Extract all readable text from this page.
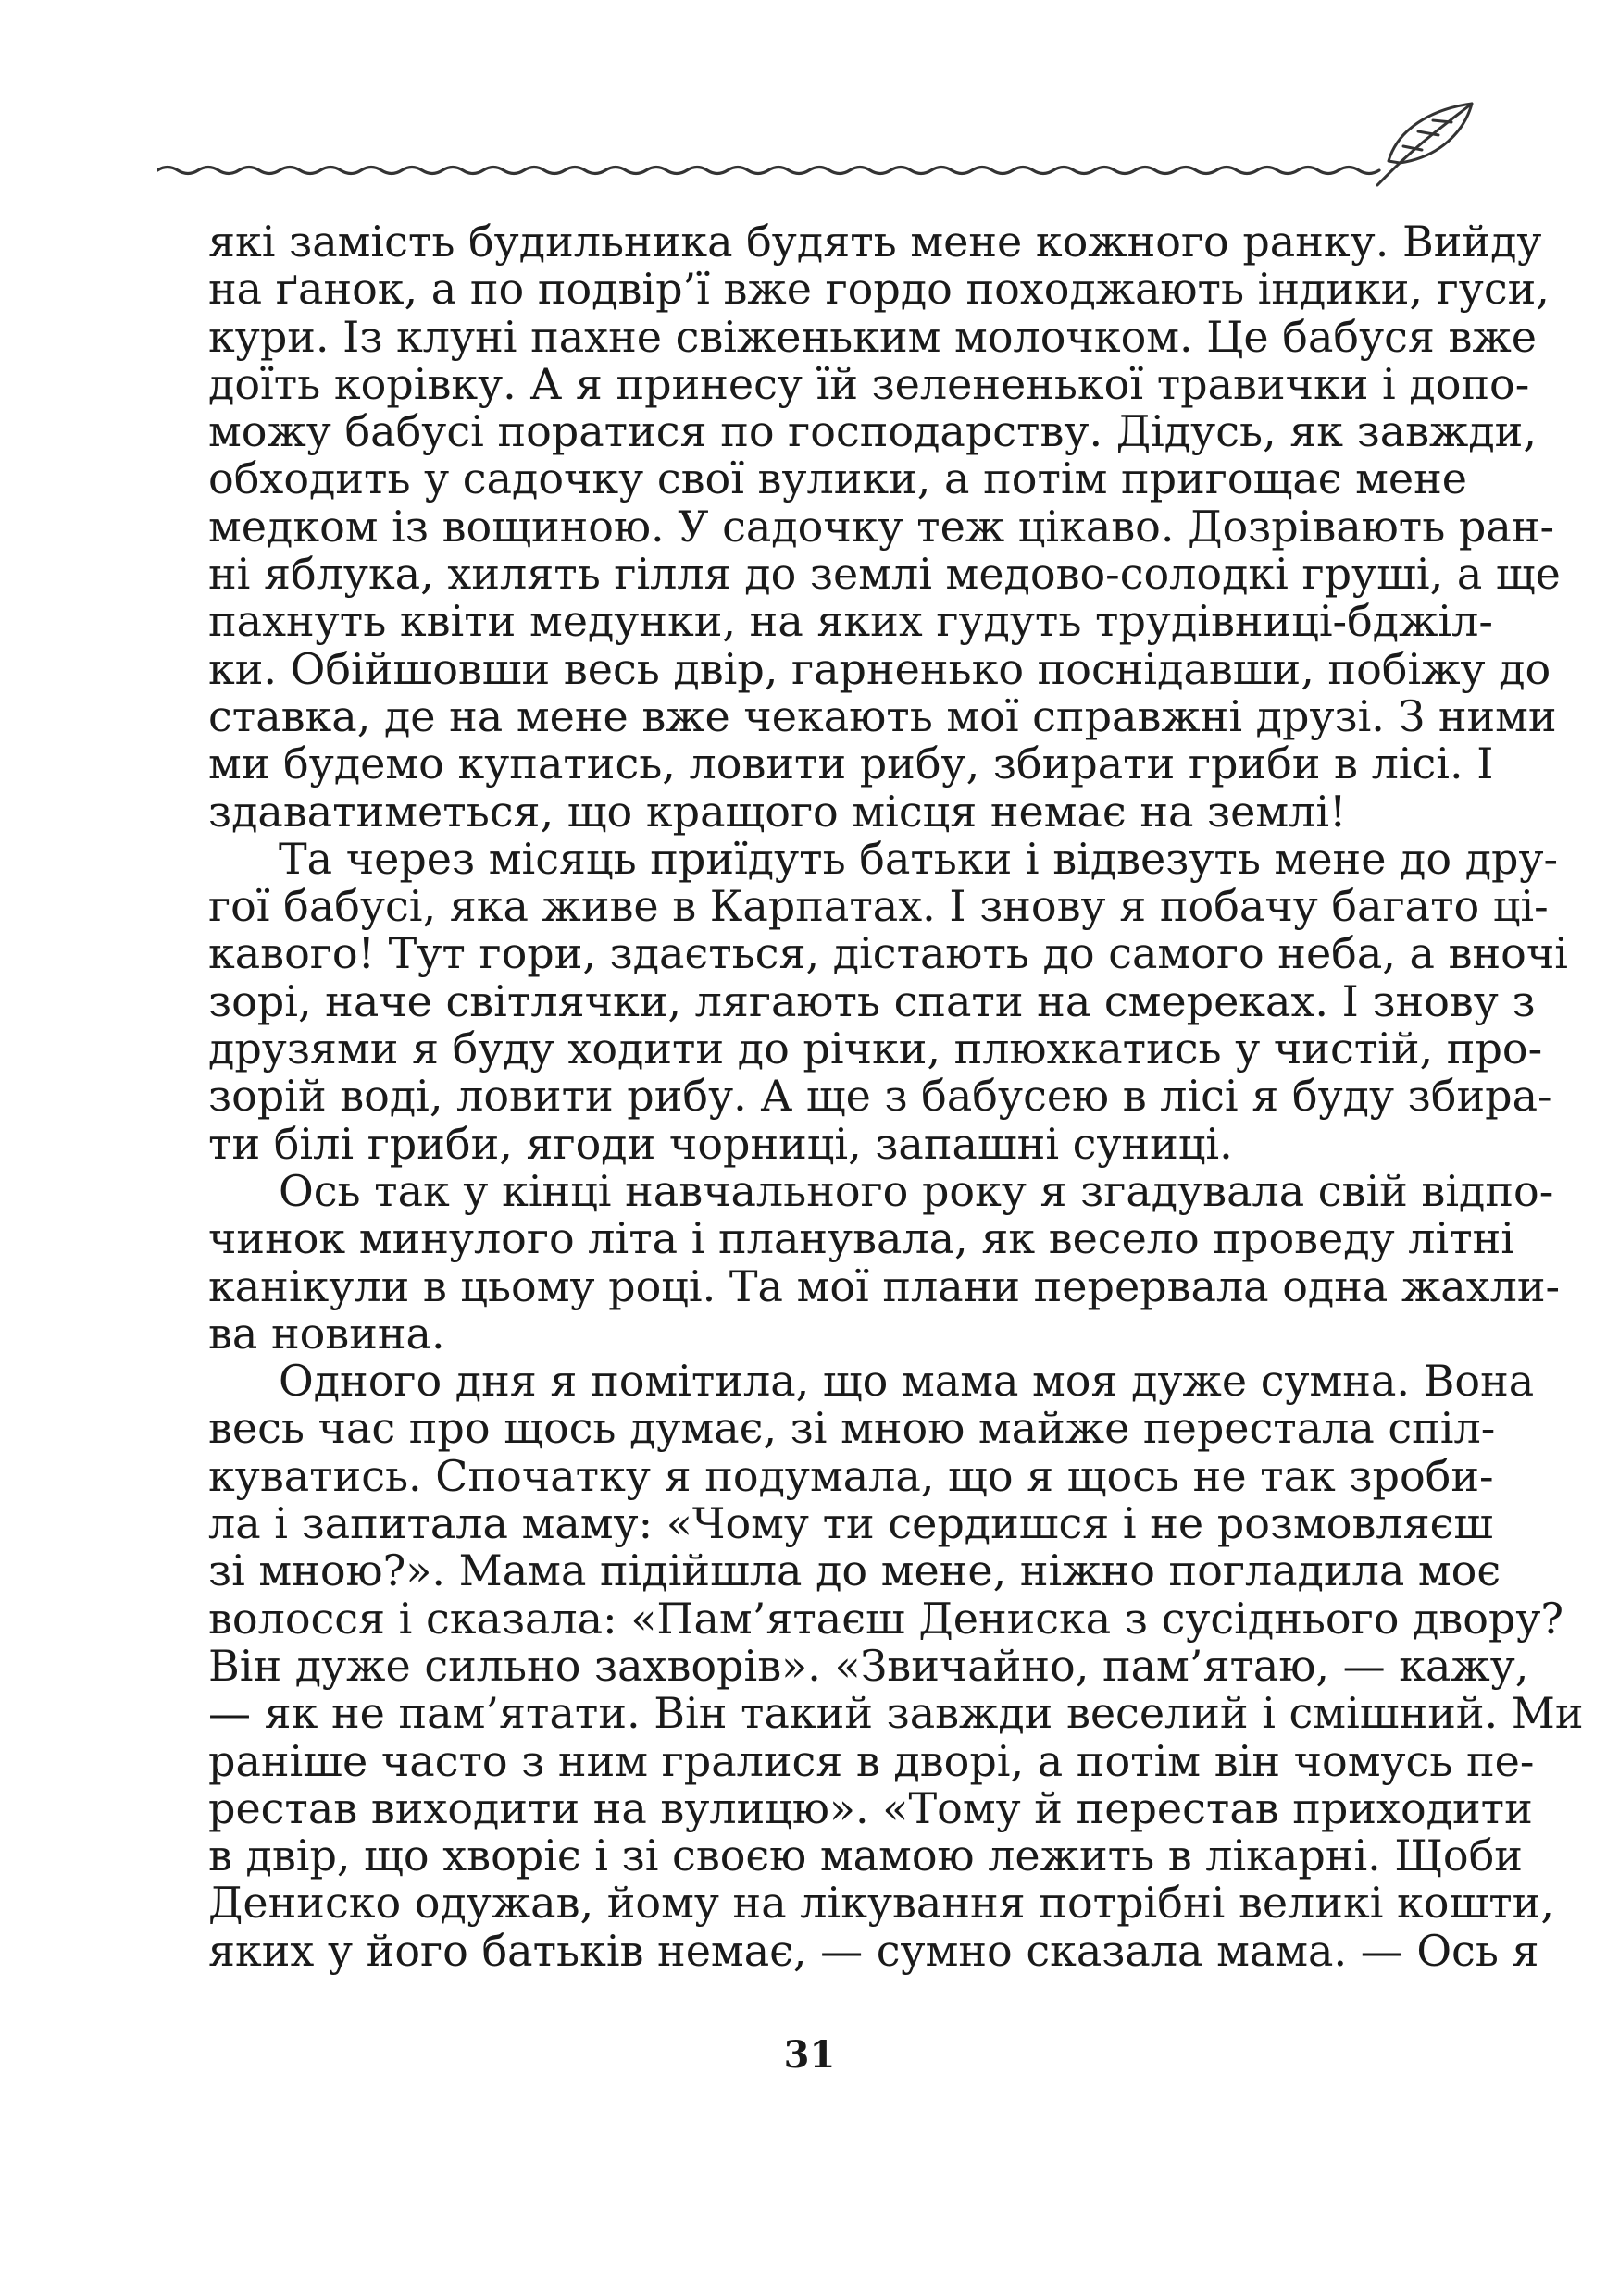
які замість будильника будять мене кожного ранку. Вийду
на ґанок, а по подвір’ї вже гордо походжають індики, гуси,
кури. Із клуні пахне свіженьким молочком. Це бабуся вже
доїть корівку. А я принесу їй зелененької травички і допо-
можу бабусі поратися по господарству. Дідусь, як завжди,
обходить у садочку свої вулики, а потім пригощає мене
медком із вощиною. У садочку теж цікаво. Дозрівають ран-
ні яблука, хилять гілля до землі медово-солодкі груші, а ще
пахнуть квіти медунки, на яких гудуть трудівниці-бджіл-
ки. Обійшовши весь двір, гарненько поснідавши, побіжу до
ставка, де на мене вже чекають мої справжні друзі. З ними
ми будемо купатись, ловити рибу, збирати гриби в лісі. І
здаватиметься, що кращого місця немає на землі!
Та через місяць приїдуть батьки і відвезуть мене до дру-
гої бабусі, яка живе в Карпатах. І знову я побачу багато ці-
кавого! Тут гори, здається, дістають до самого неба, а вночі
зорі, наче світлячки, лягають спати на смереках. І знову з
друзями я буду ходити до річки, плюхкатись у чистій, про-
зорій воді, ловити рибу. А ще з бабусею в лісі я буду збира-
ти білі гриби, ягоди чорниці, запашні суниці.
Ось так у кінці навчального року я згадувала свій відпо-
чинок минулого літа і планувала, як весело проведу літні
канікули в цьому році. Та мої плани перервала одна жахли-
ва новина.
Одного дня я помітила, що мама моя дуже сумна. Вона
весь час про щось думає, зі мною майже перестала спіл-
куватись. Спочатку я подумала, що я щось не так зроби-
ла і запитала маму: «Чому ти сердишся і не розмовляєш
зі мною?». Мама підійшла до мене, ніжно погладила моє
волосся і сказала: «Пам’ятаєш Дениска з сусіднього двору?
Він дуже сильно захворів». «Звичайно, пам’ятаю, — кажу,
— як не пам’ятати. Він такий завжди веселий і смішний. Ми
раніше часто з ним гралися в дворі, а потім він чомусь пе-
рестав виходити на вулицю». «Тому й перестав приходити
в двір, що хворіє і зі своєю мамою лежить в лікарні. Щоби
Дениско одужав, йому на лікування потрібні великі кошти,
яких у його батьків немає, — сумно сказала мама. — Ось я
31
